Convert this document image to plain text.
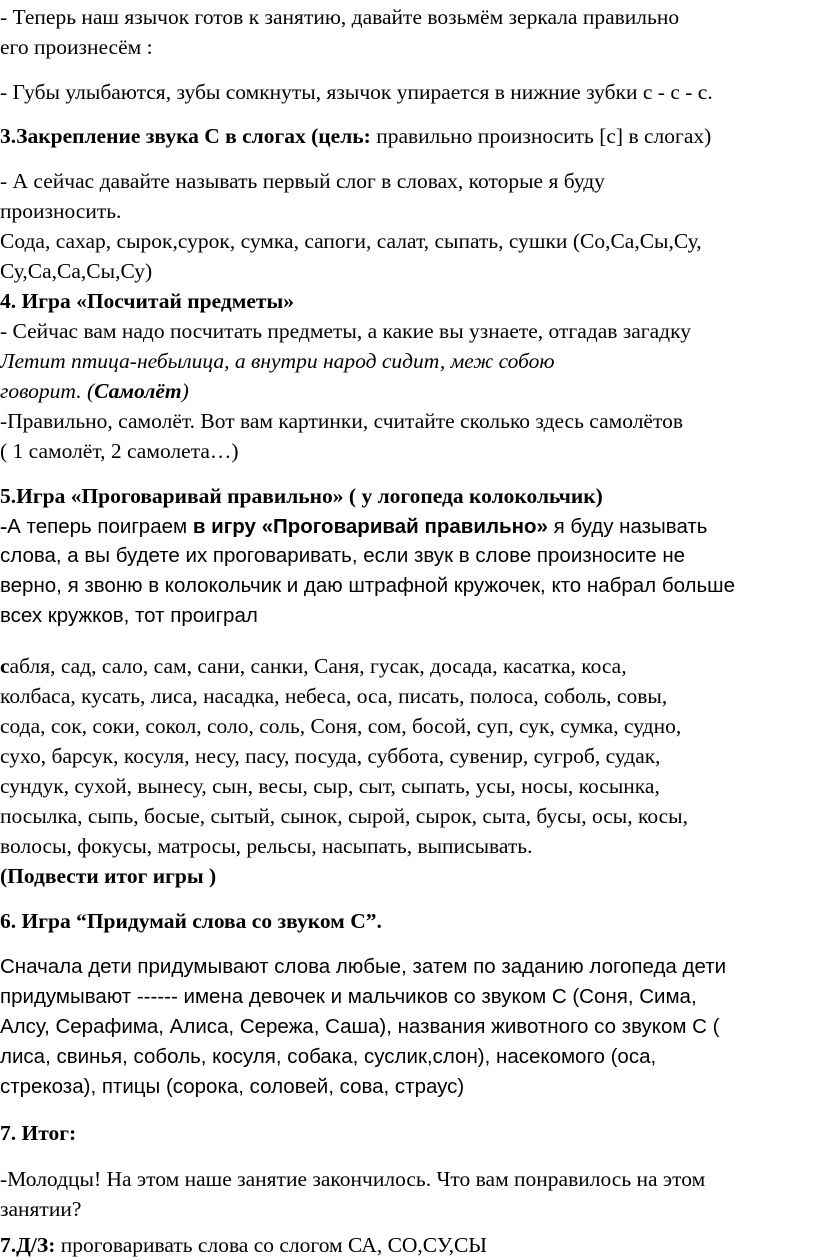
- Теперь наш язычок готов к занятию, давайте возьмём зеркала правильно
его произнесём :
- Губы улыбаются, зубы сомкнуты, язычок упирается в нижние зубки с - с - с.
3.Закрепление звука С в слогах (цель: правильно произносить [с] в слогах)
- А сейчас давайте называть первый слог в словах, которые я буду
произносить.
Сода, сахар, сырок,сурок, сумка, сапоги, салат, сыпать, сушки (Со,Са,Сы,Су,
Су,Са,Са,Сы,Су)
4. Игра «Посчитай предметы»
- Сейчас вам надо посчитать предметы, а какие вы узнаете, отгадав загадку
Летит птица-небылица, а внутри народ сидит, меж собою
говорит. (Самолёт)
-Правильно, самолёт. Вот вам картинки, считайте сколько здесь самолётов
( 1 самолёт, 2 самолета…)
5.Игра «Проговаривай правильно» ( у логопеда колокольчик)
-А теперь поиграем в игру «Проговаривай правильно» я буду называть
слова, а вы будете их проговаривать, если звук в слове произносите не
верно, я звоню в колокольчик и даю штрафной кружочек, кто набрал больше
всех кружков, тот проиграл
сабля, сад, сало, сам, сани, санки, Саня, гусак, досада, касатка, коса,
колбаса, кусать, лиса, насадка, небеса, оса, писать, полоса, соболь, совы,
сода, сок, соки, сокол, соло, соль, Соня, сом, босой, суп, сук, сумка, судно,
сухо, барсук, косуля, несу, пасу, посуда, суббота, сувенир, сугроб, судак,
сундук, сухой, вынесу, сын, весы, сыр, сыт, сыпать, усы, носы, косынка,
посылка, сыпь, босые, сытый, сынок, сырой, сырок, сыта, бусы, осы, косы,
волосы, фокусы, матросы, рельсы, насыпать, выписывать.
(Подвести итог игры )
6. Игра “Придумай слова со звуком С”.
Сначала дети придумывают слова любые, затем по заданию логопеда дети
придумывают ------ имена девочек и мальчиков со звуком С (Соня, Сима,
Алсу, Серафима, Алиса, Сережа, Саша), названия животного со звуком С (
лиса, свинья, соболь, косуля, собака, суслик,слон), насекомого (оса,
стрекоза), птицы (сорока, соловей, сова, страус)
7. Итог:
-Молодцы! На этом наше занятие закончилось. Что вам понравилось на этом
занятии?
7.Д/З: проговаривать слова со слогом СА, СО,СУ,СЫ
